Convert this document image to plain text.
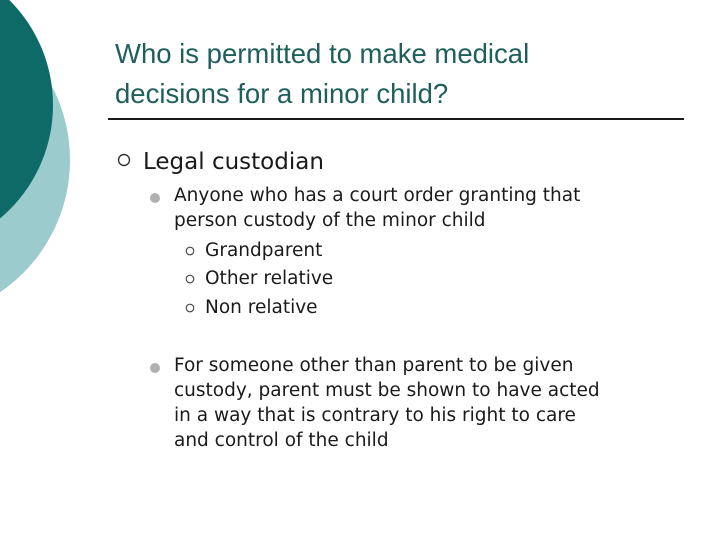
Who is permitted to make medical
decisions for a minor child?
Legal custodian
Anyone who has a court order granting that
person custody of the minor child
Grandparent
Other relative
Non relative
For someone other than parent to be given
custody, parent must be shown to have acted
in a way that is contrary to his right to care
and control of the child
